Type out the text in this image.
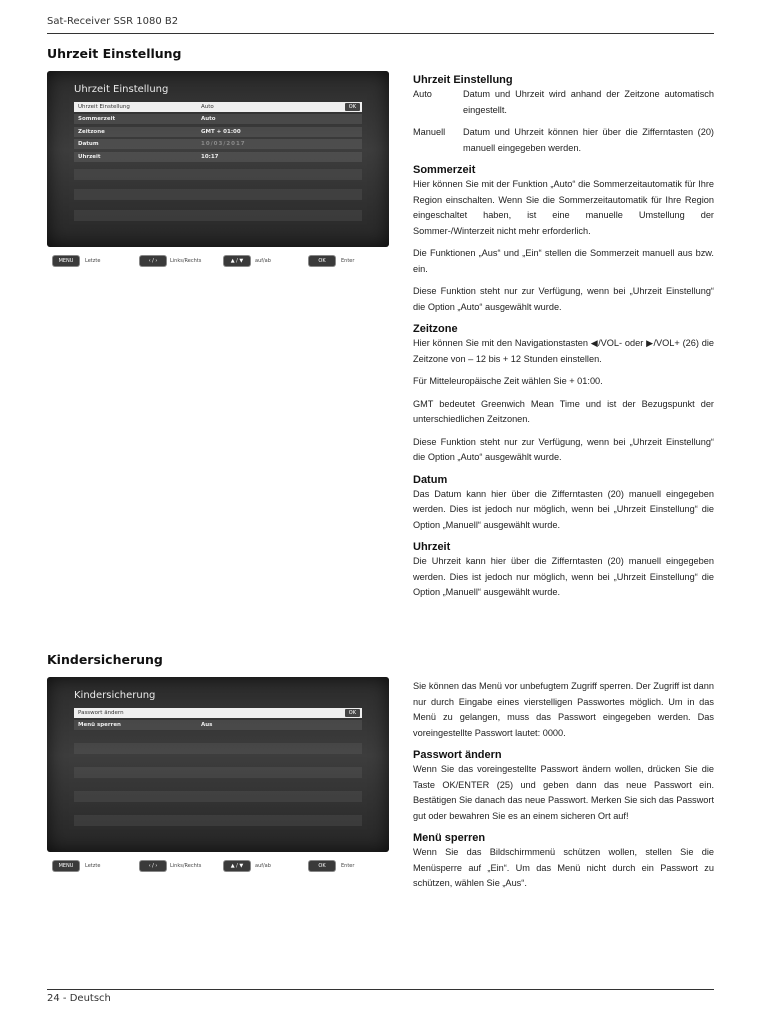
Sat-Receiver SSR 1080 B2
Uhrzeit Einstellung
Uhrzeit Einstellung
Uhrzeit Einstellung	Auto	OK
Sommerzeit	Auto
Zeitzone	GMT + 01:00
Datum	10/03/2017
Uhrzeit	10:17
MENU	Letzte	‹ / ›	Links/Rechts	▲ / ▼	auf/ab	OK	Enter
Uhrzeit Einstellung
Auto	Datum und Uhrzeit wird anhand der Zeitzone automatisch eingestellt.
Manuell	Datum und Uhrzeit können hier über die Zifferntasten (20) manuell eingegeben werden.
Sommerzeit

Hier können Sie mit der Funktion „Auto“ die Sommerzeitautomatik für Ihre Region einschalten. Wenn Sie die Sommerzeitautomatik für Ihre Region eingeschaltet haben, ist eine manuelle Umstellung der Sommer-/Winterzeit nicht mehr erforderlich.

Die Funktionen „Aus“ und „Ein“ stellen die Sommerzeit manuell aus bzw. ein.

Diese Funktion steht nur zur Verfügung, wenn bei „Uhrzeit Einstellung“ die Option „Auto“ ausgewählt wurde.

Zeitzone

Hier können Sie mit den Navigationstasten ◀/VOL- oder ▶/VOL+ (26) die Zeitzone von – 12 bis + 12 Stunden einstellen.

Für Mitteleuropäische Zeit wählen Sie + 01:00.

GMT bedeutet Greenwich Mean Time und ist der Bezugspunkt der unterschiedlichen Zeitzonen.

Diese Funktion steht nur zur Verfügung, wenn bei „Uhrzeit Einstellung“ die Option „Auto“ ausgewählt wurde.

Datum

Das Datum kann hier über die Zifferntasten (20) manuell eingegeben werden. Dies ist jedoch nur möglich, wenn bei „Uhrzeit Einstellung“ die Option „Manuell“ ausgewählt wurde.

Uhrzeit

Die Uhrzeit kann hier über die Zifferntasten (20) manuell eingegeben werden. Dies ist jedoch nur möglich, wenn bei „Uhrzeit Einstellung“ die Option „Manuell“ ausgewählt wurde.

Kindersicherung
Kindersicherung
Passwort ändern	OK
Menü sperren	Aus
MENU	Letzte	‹ / ›	Links/Rechts	▲ / ▼	auf/ab	OK	Enter

Sie können das Menü vor unbefugtem Zugriff sperren. Der Zugriff ist dann nur durch Eingabe eines vierstelligen Passwortes möglich. Um in das Menü zu gelangen, muss das Passwort eingegeben werden. Das voreingestellte Passwort lautet: 0000.

Passwort ändern

Wenn Sie das voreingestellte Passwort ändern wollen, drücken Sie die Taste OK/ENTER (25) und geben dann das neue Passwort ein. Bestätigen Sie danach das neue Passwort. Merken Sie sich das Passwort gut oder bewahren Sie es an einem sicheren Ort auf!

Menü sperren

Wenn Sie das Bildschirmmenü schützen wollen, stellen Sie die Menüsperre auf „Ein“. Um das Menü nicht durch ein Passwort zu schützen, wählen Sie „Aus“.

24 - Deutsch
